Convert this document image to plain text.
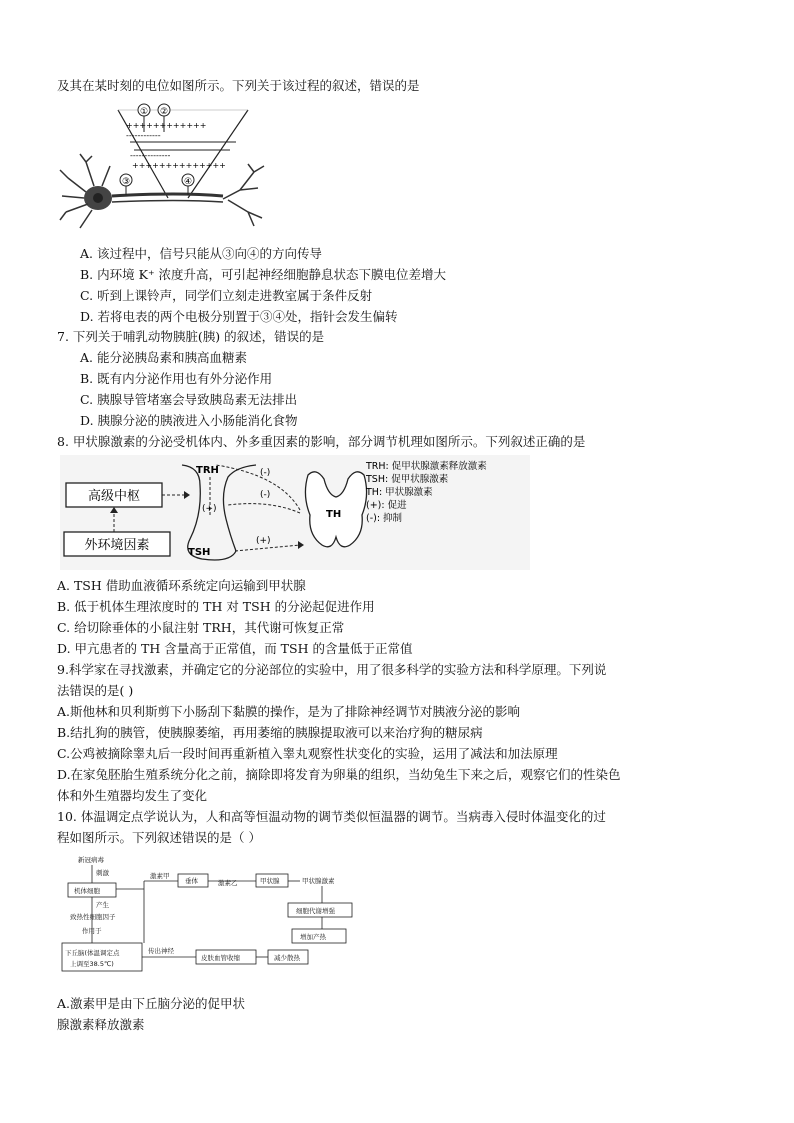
及其在某时刻的电位如图所示。下列关于该过程的叙述，错误的是
① ②
++++++++++++
------------
--------------
++++++++++++++
③	④
A. 该过程中，信号只能从③向④的方向传导
B. 内环境 K⁺ 浓度升高，可引起神经细胞静息状态下膜电位差增大
C. 听到上课铃声，同学们立刻走进教室属于条件反射
D. 若将电表的两个电极分别置于③④处，指针会发生偏转
7. 下列关于哺乳动物胰脏(胰) 的叙述，错误的是
A. 能分泌胰岛素和胰高血糖素
B. 既有内分泌作用也有外分泌作用
C. 胰腺导管堵塞会导致胰岛素无法排出
D. 胰腺分泌的胰液进入小肠能消化食物
8. 甲状腺激素的分泌受机体内、外多重因素的影响，部分调节机理如图所示。下列叙述正确的是
高级中枢
外环境因素
TRH
(+)
TSH
(-)
(-)
(+)
TH
TRH: 促甲状腺激素释放激素
TSH: 促甲状腺激素
TH: 甲状腺激素
(+): 促进
(-): 抑制
A. TSH 借助血液循环系统定向运输到甲状腺
B. 低于机体生理浓度时的 TH 对 TSH 的分泌起促进作用
C. 给切除垂体的小鼠注射 TRH，其代谢可恢复正常
D. 甲亢患者的 TH 含量高于正常值，而 TSH 的含量低于正常值
9.科学家在寻找激素，并确定它的分泌部位的实验中，用了很多科学的实验方法和科学原理。下列说
法错误的是( )
A.斯他林和贝利斯剪下小肠刮下黏膜的操作，是为了排除神经调节对胰液分泌的影响
B.结扎狗的胰管，使胰腺萎缩，再用萎缩的胰腺提取液可以来治疗狗的糖尿病
C.公鸡被摘除睾丸后一段时间再重新植入睾丸观察性状变化的实验，运用了减法和加法原理
D.在家兔胚胎生殖系统分化之前，摘除即将发育为卵巢的组织，当幼兔生下来之后，观察它们的性染色
体和外生殖器均发生了变化
10. 体温调定点学说认为，人和高等恒温动物的调节类似恒温器的调节。当病毒入侵时体温变化的过
程如图所示。下列叙述错误的是（ ）
新冠病毒
刺激
机体细胞
产生
致热性细胞因子
作用于
下丘脑(体温调定点
上调至38.5℃)
激素甲
垂体	激素乙	甲状腺	甲状腺激素
细胞代谢增强
增加产热
传出神经
皮肤血管收缩	减少散热
A.激素甲是由下丘脑分泌的促甲状
腺激素释放激素
